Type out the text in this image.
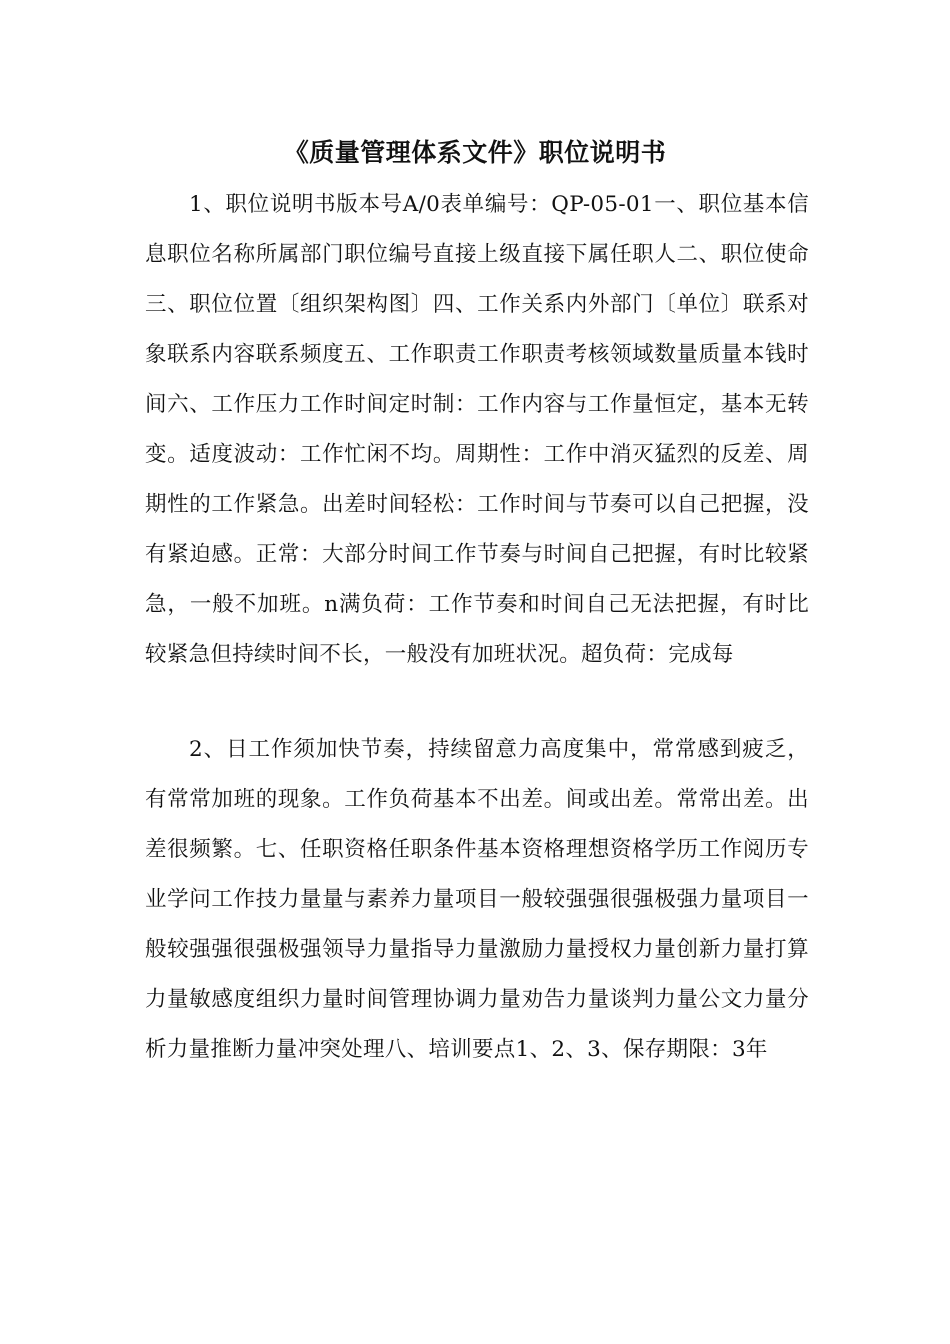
《质量管理体系文件》职位说明书

1、职位说明书版本号A/0表单编号：QP-05-01一、职位基本信息职位名称所属部门职位编号直接上级直接下属任职人二、职位使命三、职位位置〔组织架构图〕四、工作关系内外部门〔单位〕联系对象联系内容联系频度五、工作职责工作职责考核领域数量质量本钱时间六、工作压力工作时间定时制：工作内容与工作量恒定，基本无转变。适度波动：工作忙闲不均。周期性：工作中消灭猛烈的反差、周期性的工作紧急。出差时间轻松：工作时间与节奏可以自己把握，没有紧迫感。正常：大部分时间工作节奏与时间自己把握，有时比较紧急，一般不加班。n满负荷：工作节奏和时间自己无法把握，有时比较紧急但持续时间不长，一般没有加班状况。超负荷：完成每

2、日工作须加快节奏，持续留意力高度集中，常常感到疲乏，有常常加班的现象。工作负荷基本不出差。间或出差。常常出差。出差很频繁。七、任职资格任职条件基本资格理想资格学历工作阅历专业学问工作技力量量与素养力量项目一般较强强很强极强力量项目一般较强强很强极强领导力量指导力量激励力量授权力量创新力量打算力量敏感度组织力量时间管理协调力量劝告力量谈判力量公文力量分析力量推断力量冲突处理八、培训要点1、2、3、保存期限：3年
